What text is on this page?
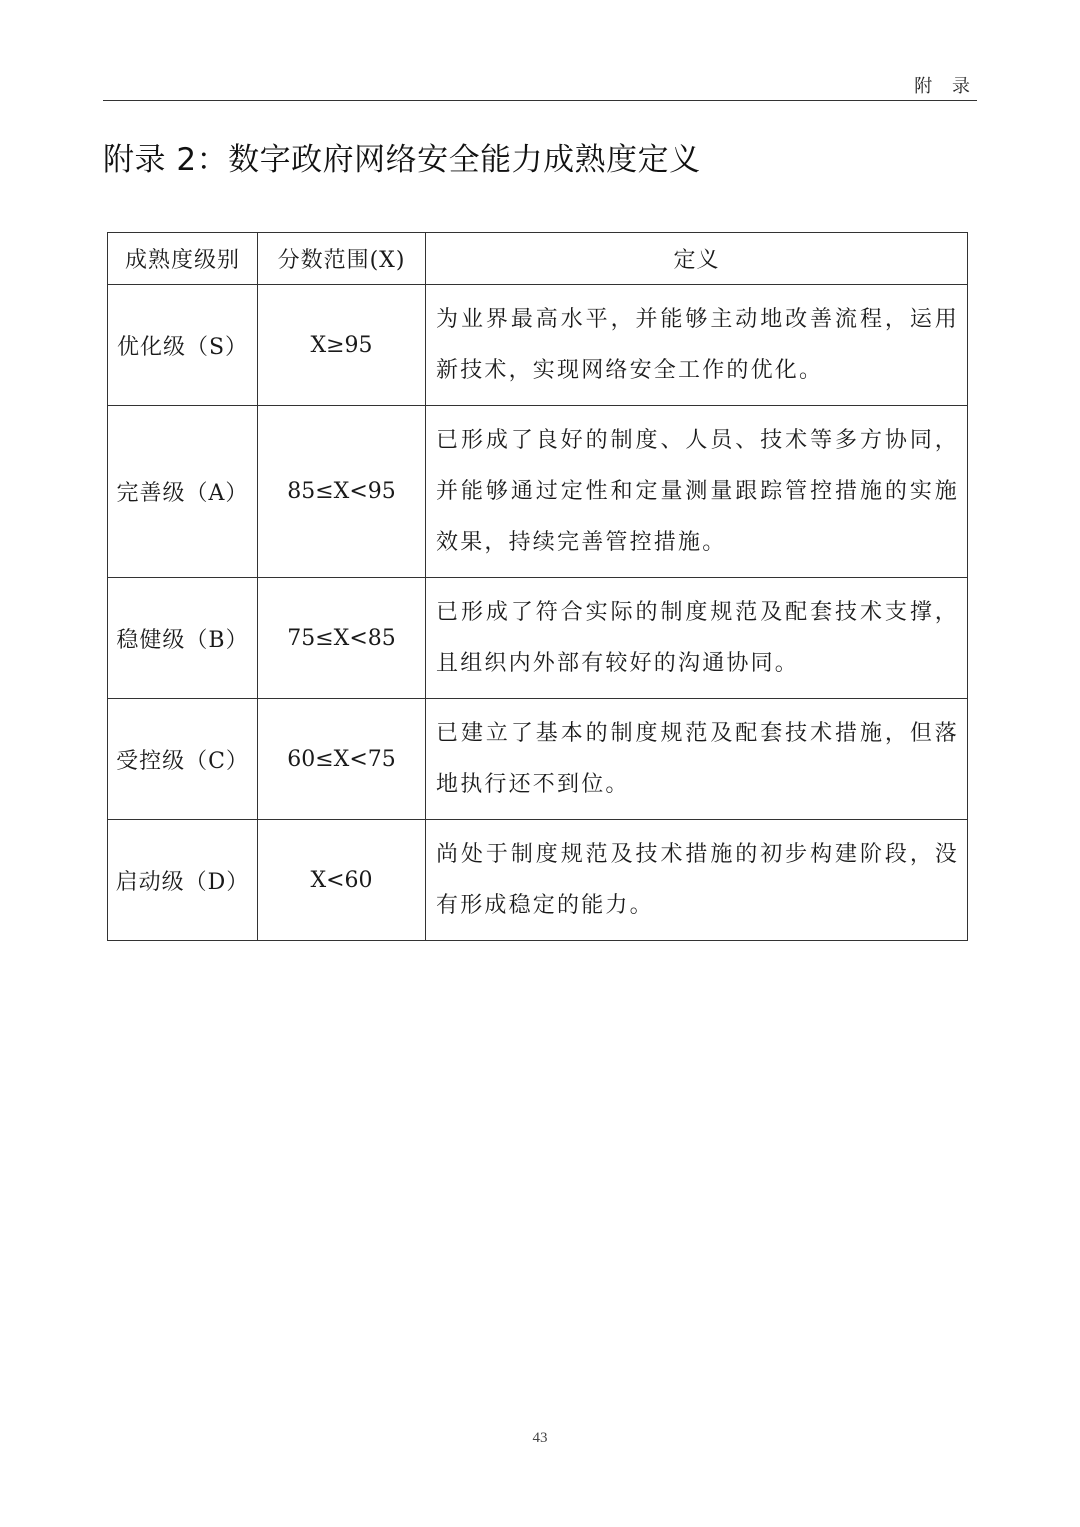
附 录
附录 2：数字政府网络安全能力成熟度定义
成熟度级别	分数范围(X)	定义
优化级（S）	X≥95	为业界最高水平，并能够主动地改善流程，运用新技术，实现网络安全工作的优化。
完善级（A）	85≤X<95	已形成了良好的制度、人员、技术等多方协同，并能够通过定性和定量测量跟踪管控措施的实施效果，持续完善管控措施。
稳健级（B）	75≤X<85	已形成了符合实际的制度规范及配套技术支撑，且组织内外部有较好的沟通协同。
受控级（C）	60≤X<75	已建立了基本的制度规范及配套技术措施，但落地执行还不到位。
启动级（D）	X<60	尚处于制度规范及技术措施的初步构建阶段，没有形成稳定的能力。
43
